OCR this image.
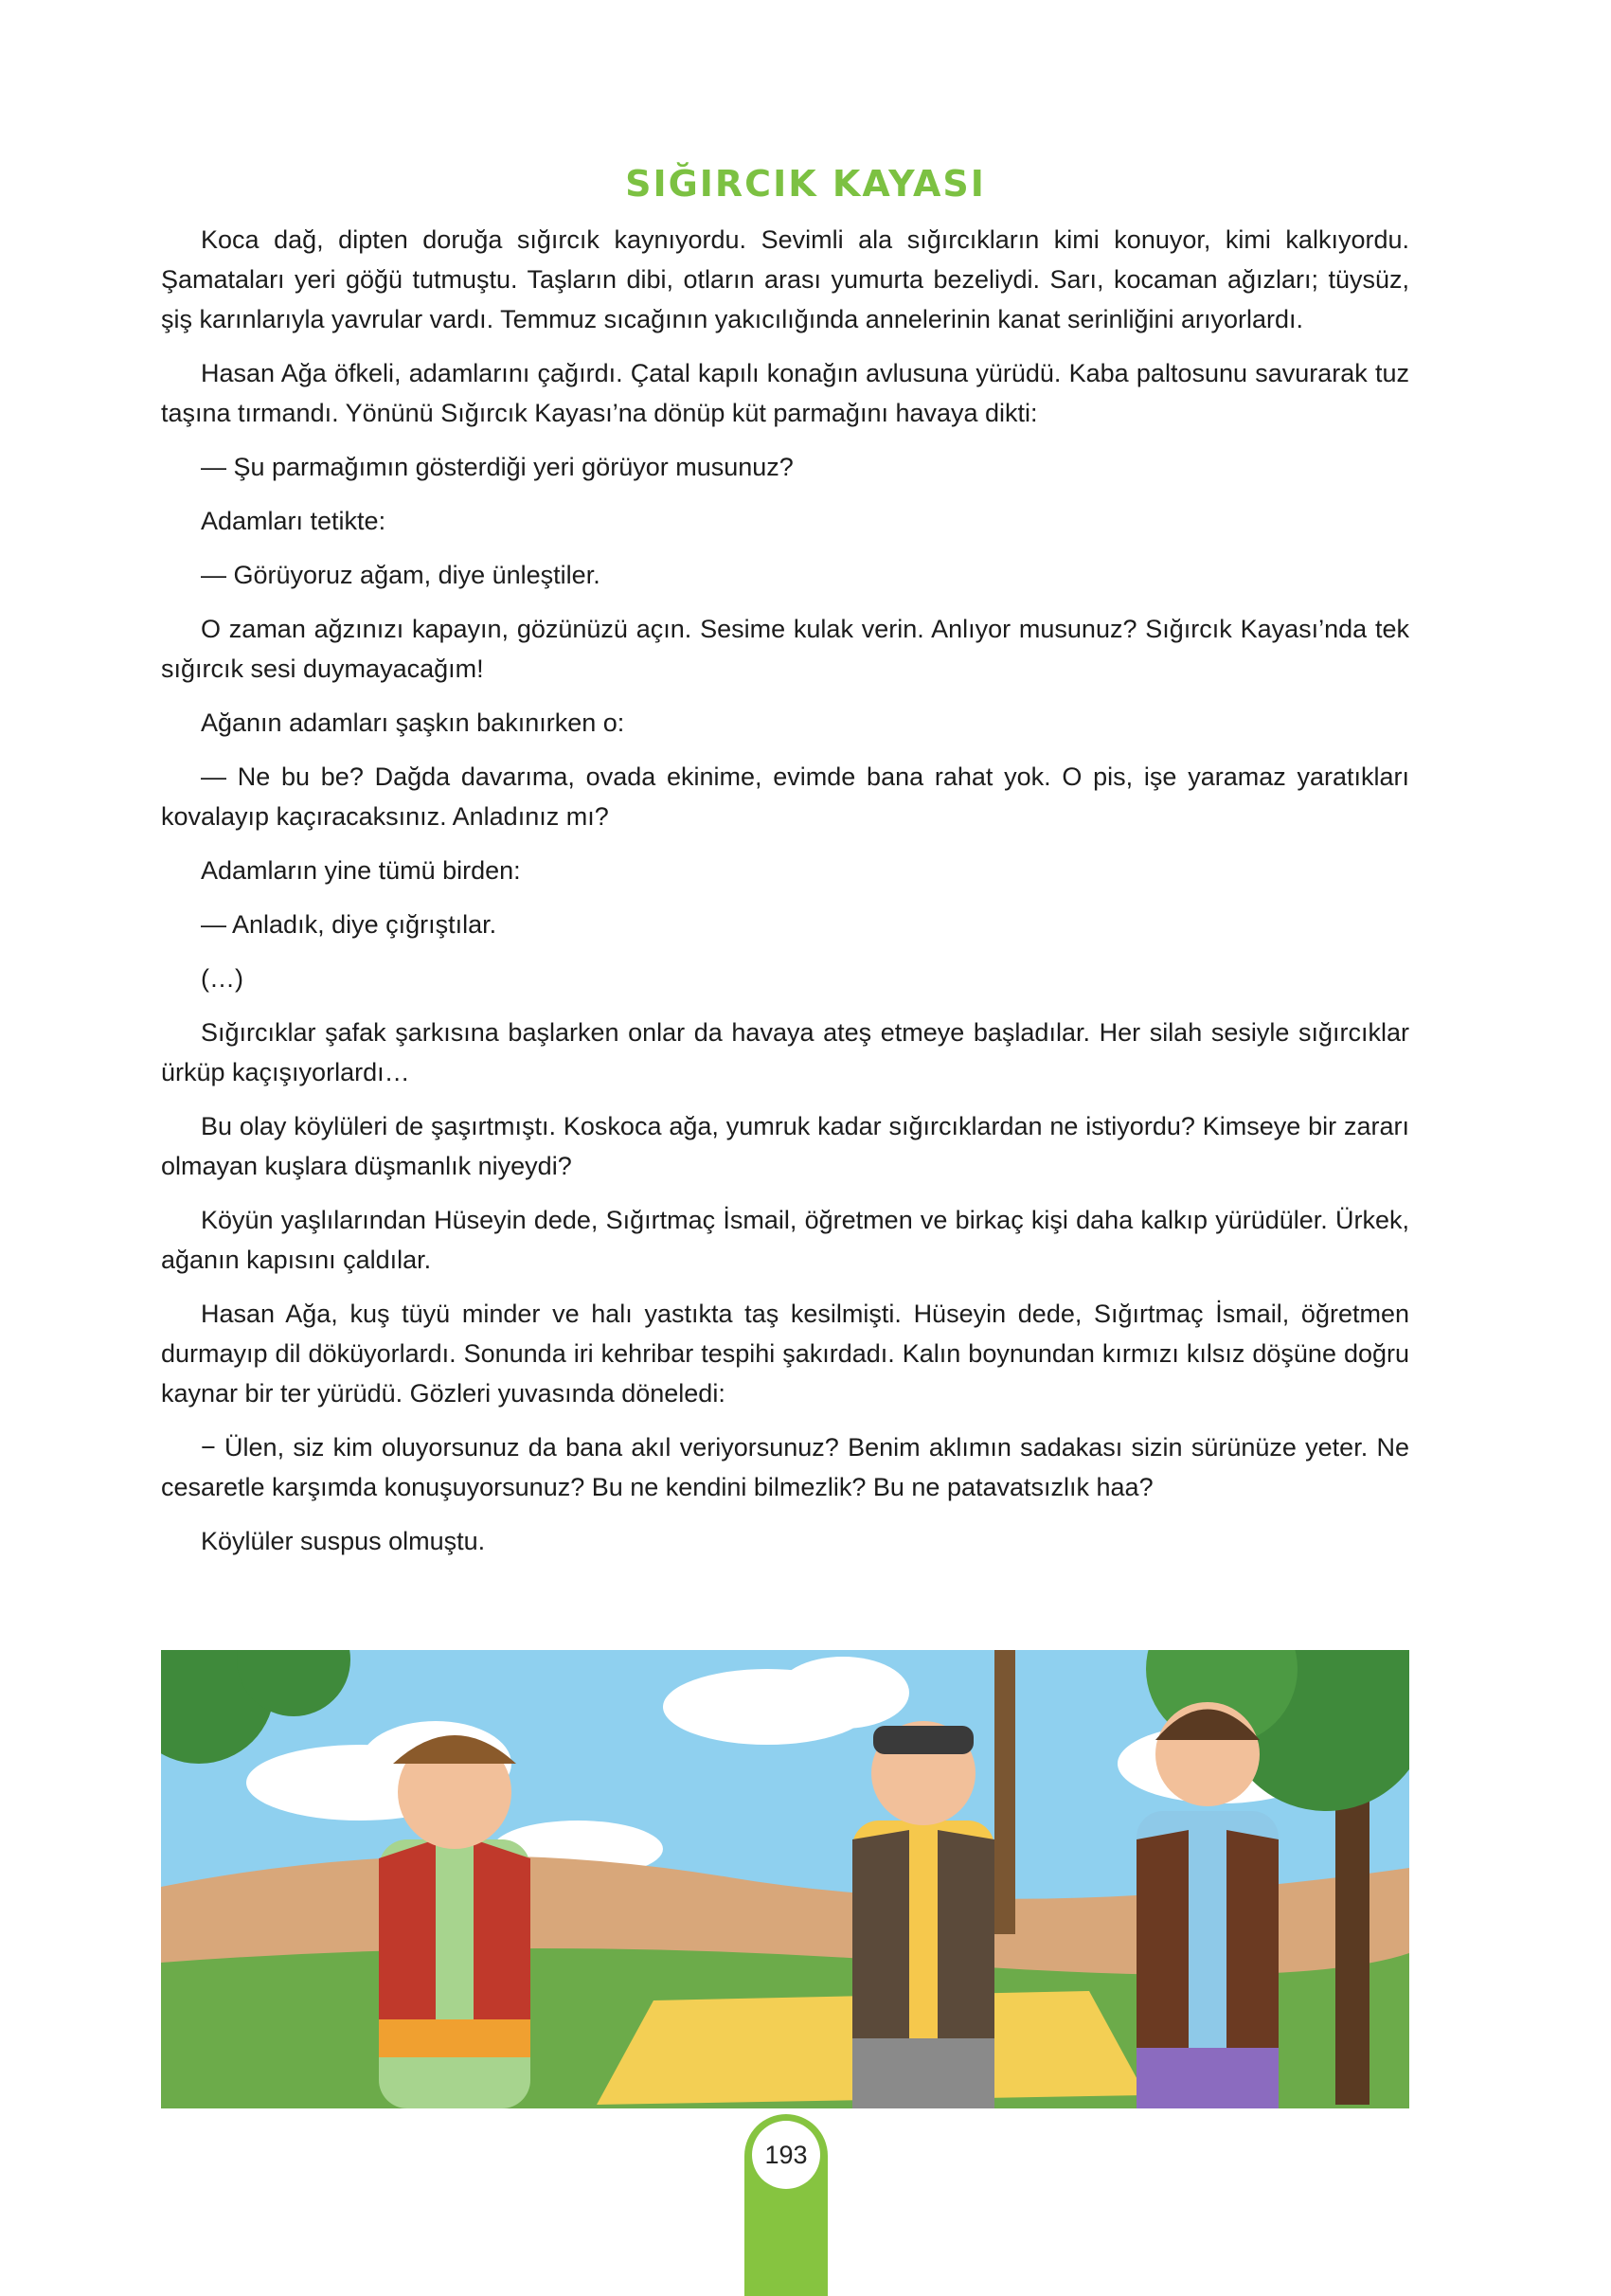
SIĞIRCIK KAYASI

Koca dağ, dipten doruğa sığırcık kaynıyordu. Sevimli ala sığırcıkların kimi konuyor, kimi kalkıyordu. Şamataları yeri göğü tutmuştu. Taşların dibi, otların arası yumurta bezeliydi. Sarı, kocaman ağızları; tüysüz, şiş karınlarıyla yavrular vardı. Temmuz sıcağının yakıcılığında annelerinin kanat serinliğini arıyorlardı.

Hasan Ağa öfkeli, adamlarını çağırdı. Çatal kapılı konağın avlusuna yürüdü. Kaba paltosunu savurarak tuz taşına tırmandı. Yönünü Sığırcık Kayası’na dönüp küt parmağını havaya dikti:

— Şu parmağımın gösterdiği yeri görüyor musunuz?

Adamları tetikte:

— Görüyoruz ağam, diye ünleştiler.

O zaman ağzınızı kapayın, gözünüzü açın. Sesime kulak verin. Anlıyor musunuz? Sığırcık Kayası’nda tek sığırcık sesi duymayacağım!

Ağanın adamları şaşkın bakınırken o:

— Ne bu be? Dağda davarıma, ovada ekinime, evimde bana rahat yok. O pis, işe yaramaz yaratıkları kovalayıp kaçıracaksınız. Anladınız mı?

Adamların yine tümü birden:

— Anladık, diye çığrıştılar.

(…)

Sığırcıklar şafak şarkısına başlarken onlar da havaya ateş etmeye başladılar. Her silah sesiyle sığırcıklar ürküp kaçışıyorlardı…

Bu olay köylüleri de şaşırtmıştı. Koskoca ağa, yumruk kadar sığırcıklardan ne istiyordu? Kimseye bir zararı olmayan kuşlara düşmanlık niyeydi?

Köyün yaşlılarından Hüseyin dede, Sığırtmaç İsmail, öğretmen ve birkaç kişi daha kalkıp yürüdüler. Ürkek, ağanın kapısını çaldılar.

Hasan Ağa, kuş tüyü minder ve halı yastıkta taş kesilmişti. Hüseyin dede, Sığırtmaç İsmail, öğretmen durmayıp dil döküyorlardı. Sonunda iri kehribar tespihi şakırdadı. Kalın boynundan kırmızı kılsız döşüne doğru kaynar bir ter yürüdü. Gözleri yuvasında döneledi:

− Ülen, siz kim oluyorsunuz da bana akıl veriyorsunuz? Benim aklımın sadakası sizin sürünüze yeter. Ne cesaretle karşımda konuşuyorsunuz? Bu ne kendini bilmezlik? Bu ne patavatsızlık haa?

Köylüler suspus olmuştu.

193
